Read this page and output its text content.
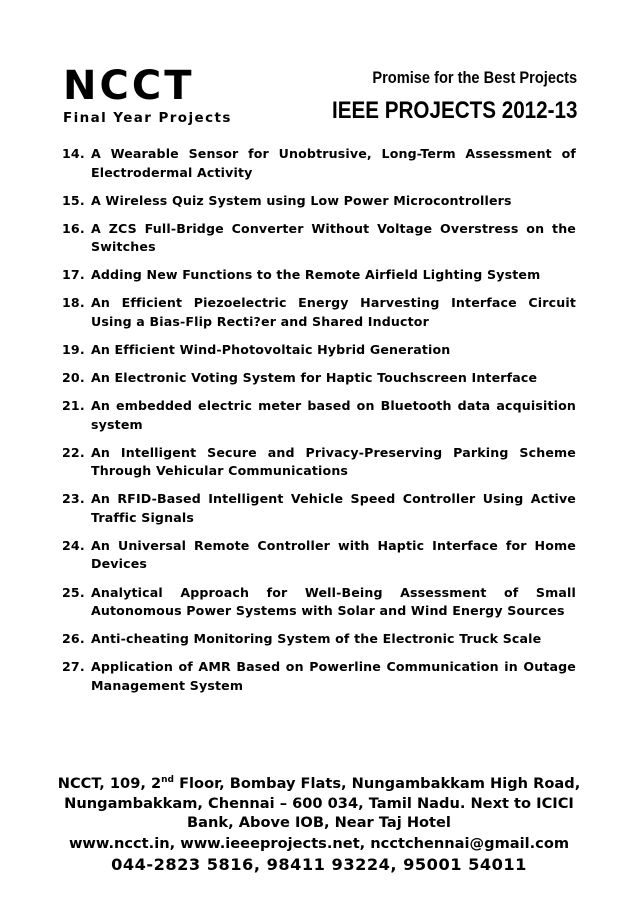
NCCT
Final Year Projects
Promise for the Best Projects
IEEE PROJECTS 2012-13
14. A Wearable Sensor for Unobtrusive, Long-Term Assessment of Electrodermal Activity
15. A Wireless Quiz System using Low Power Microcontrollers
16. A ZCS Full-Bridge Converter Without Voltage Overstress on the Switches
17. Adding New Functions to the Remote Airfield Lighting System
18. An Efficient Piezoelectric Energy Harvesting Interface Circuit Using a Bias-Flip Recti?er and Shared Inductor
19. An Efficient Wind-Photovoltaic Hybrid Generation
20. An Electronic Voting System for Haptic Touchscreen Interface
21. An embedded electric meter based on Bluetooth data acquisition system
22. An Intelligent Secure and Privacy-Preserving Parking Scheme Through Vehicular Communications
23. An RFID-Based Intelligent Vehicle Speed Controller Using Active Traffic Signals
24. An Universal Remote Controller with Haptic Interface for Home Devices
25. Analytical Approach for Well-Being Assessment of Small Autonomous Power Systems with Solar and Wind Energy Sources
26. Anti-cheating Monitoring System of the Electronic Truck Scale
27. Application of AMR Based on Powerline Communication in Outage Management System
NCCT, 109, 2nd Floor, Bombay Flats, Nungambakkam High Road, Nungambakkam, Chennai – 600 034, Tamil Nadu. Next to ICICI Bank, Above IOB, Near Taj Hotel
www.ncct.in, www.ieeeprojects.net, ncctchennai@gmail.com
044-2823 5816, 98411 93224, 95001 54011
